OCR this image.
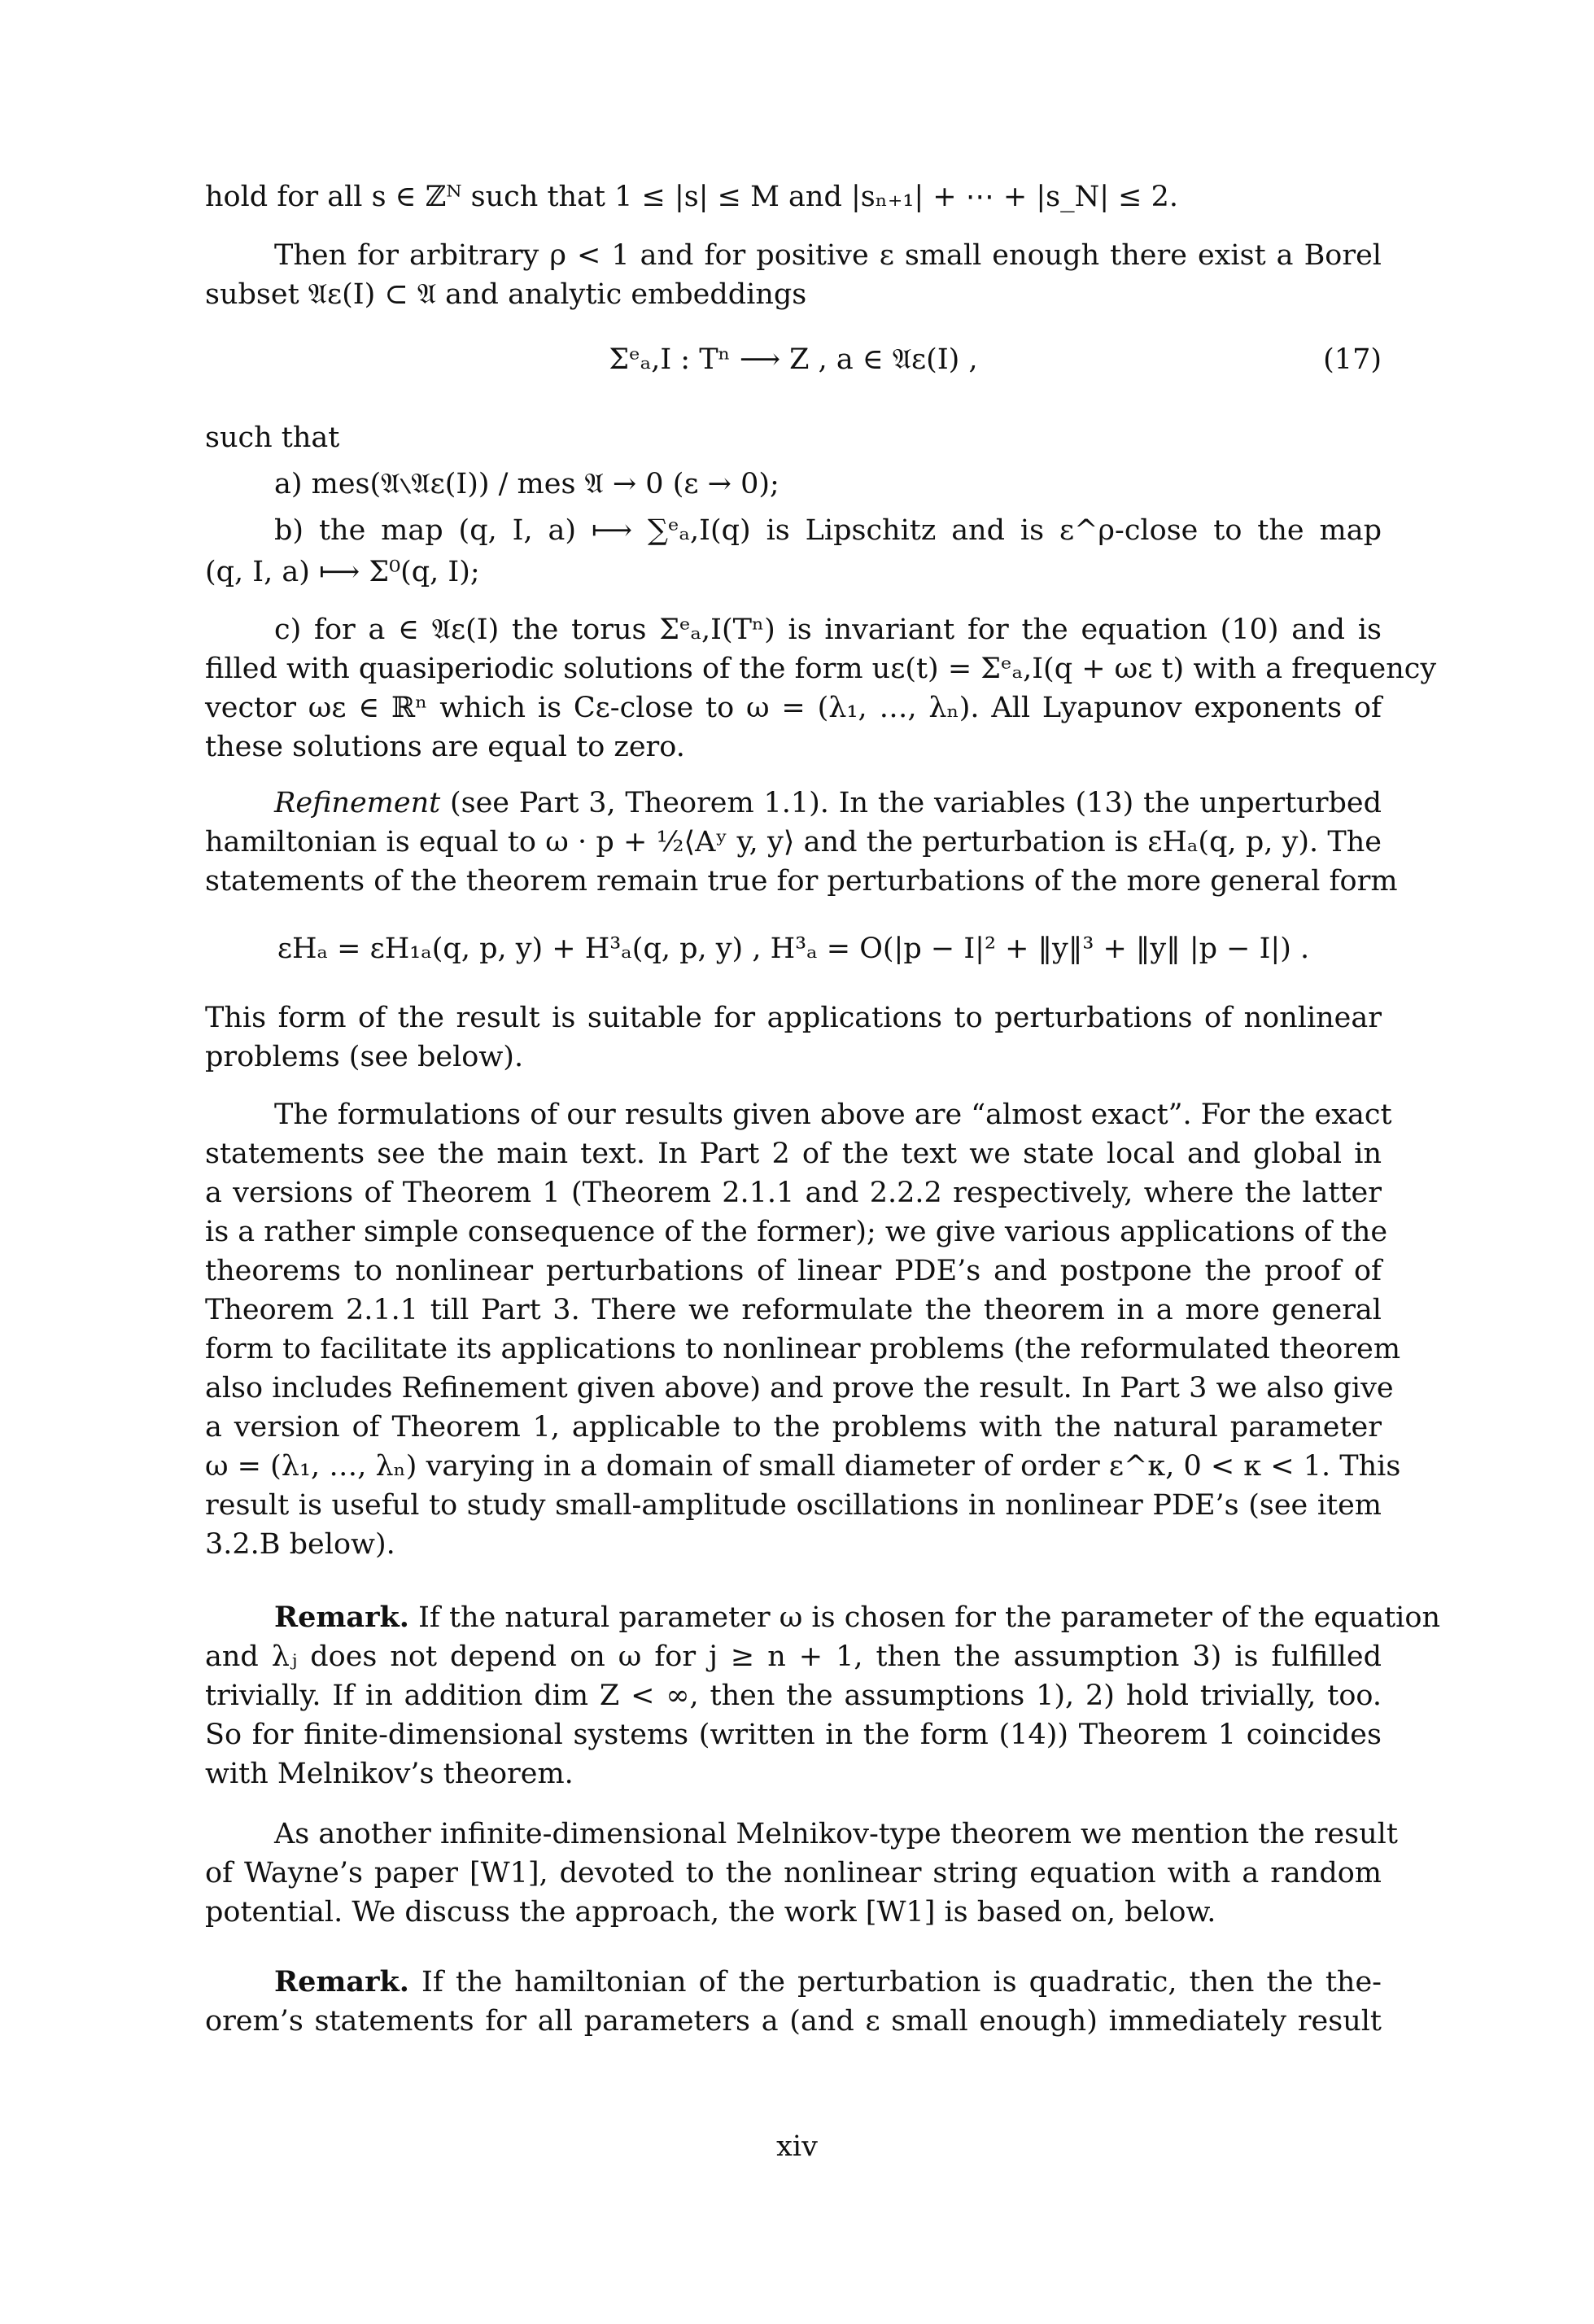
hold for all s ∈ ℤᴺ such that 1 ≤ |s| ≤ M and |sₙ₊₁| + ⋯ + |s_N| ≤ 2.
Then for arbitrary ρ < 1 and for positive ε small enough there exist a Borel
subset 𝔄ε(I) ⊂ 𝔄 and analytic embeddings
Σᵉₐ,I : Tⁿ ⟶ Z , a ∈ 𝔄ε(I) ,	(17)
such that
a) mes(𝔄∖𝔄ε(I)) / mes 𝔄 → 0 (ε → 0);
b) the map (q, I, a) ⟼ ∑ᵉₐ,I(q) is Lipschitz and is ε^ρ-close to the map
(q, I, a) ⟼ Σ⁰(q, I);
c) for a ∈ 𝔄ε(I) the torus Σᵉₐ,I(Tⁿ) is invariant for the equation (10) and is
filled with quasiperiodic solutions of the form uε(t) = Σᵉₐ,I(q + ωε t) with a frequency
vector ωε ∈ ℝⁿ which is Cε-close to ω = (λ₁, …, λₙ). All Lyapunov exponents of
these solutions are equal to zero.
Refinement (see Part 3, Theorem 1.1). In the variables (13) the unperturbed
hamiltonian is equal to ω · p + ½⟨Aʸ y, y⟩ and the perturbation is εHₐ(q, p, y). The
statements of the theorem remain true for perturbations of the more general form
εHₐ = εH₁ₐ(q, p, y) + H³ₐ(q, p, y) , H³ₐ = O(|p − I|² + ‖y‖³ + ‖y‖ |p − I|) .
This form of the result is suitable for applications to perturbations of nonlinear
problems (see below).
The formulations of our results given above are “almost exact”. For the exact
statements see the main text. In Part 2 of the text we state local and global in
a versions of Theorem 1 (Theorem 2.1.1 and 2.2.2 respectively, where the latter
is a rather simple consequence of the former); we give various applications of the
theorems to nonlinear perturbations of linear PDE’s and postpone the proof of
Theorem 2.1.1 till Part 3. There we reformulate the theorem in a more general
form to facilitate its applications to nonlinear problems (the reformulated theorem
also includes Refinement given above) and prove the result. In Part 3 we also give
a version of Theorem 1, applicable to the problems with the natural parameter
ω = (λ₁, …, λₙ) varying in a domain of small diameter of order ε^κ, 0 < κ < 1. This
result is useful to study small-amplitude oscillations in nonlinear PDE’s (see item
3.2.B below).
Remark. If the natural parameter ω is chosen for the parameter of the equation
and λⱼ does not depend on ω for j ≥ n + 1, then the assumption 3) is fulfilled
trivially. If in addition dim Z < ∞, then the assumptions 1), 2) hold trivially, too.
So for finite-dimensional systems (written in the form (14)) Theorem 1 coincides
with Melnikov’s theorem.
As another infinite-dimensional Melnikov-type theorem we mention the result
of Wayne’s paper [W1], devoted to the nonlinear string equation with a random
potential. We discuss the approach, the work [W1] is based on, below.
Remark. If the hamiltonian of the perturbation is quadratic, then the the-
orem’s statements for all parameters a (and ε small enough) immediately result
xiv
